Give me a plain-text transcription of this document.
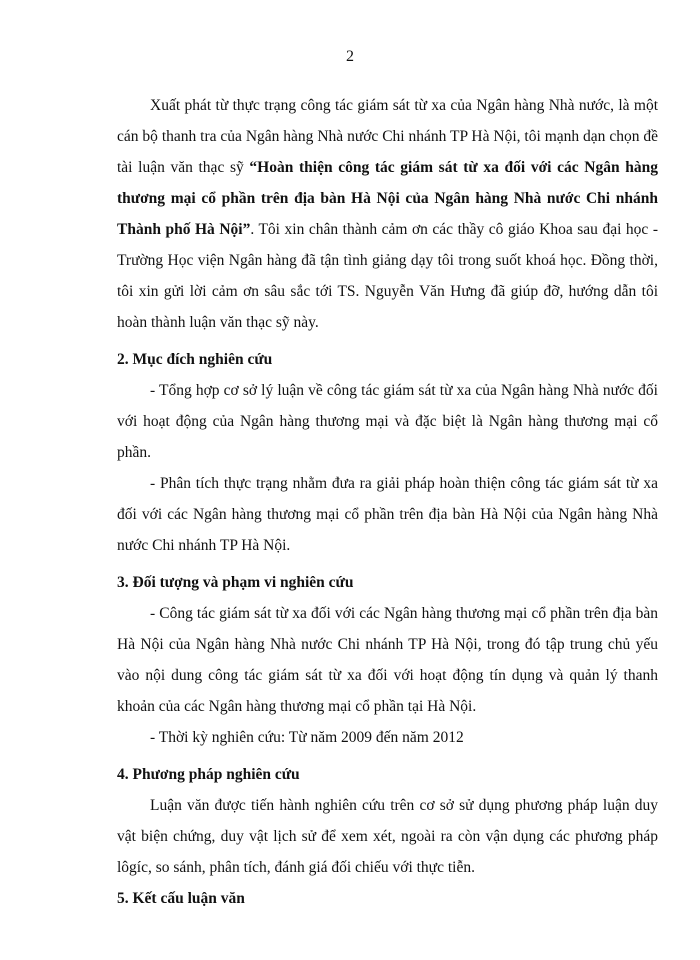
2

Xuất phát từ thực trạng công tác giám sát từ xa của Ngân hàng Nhà nước, là một cán bộ thanh tra của Ngân hàng Nhà nước Chi nhánh TP Hà Nội, tôi mạnh dạn chọn đề tài luận văn thạc sỹ “Hoàn thiện công tác giám sát từ xa đối với các Ngân hàng thương mại cổ phần trên địa bàn Hà Nội của Ngân hàng Nhà nước Chi nhánh Thành phố Hà Nội”. Tôi xin chân thành cảm ơn các thầy cô giáo Khoa sau đại học - Trường Học viện Ngân hàng đã tận tình giảng dạy tôi trong suốt khoá học. Đồng thời, tôi xin gửi lời cảm ơn sâu sắc tới TS. Nguyễn Văn Hưng đã giúp đỡ, hướng dẫn tôi hoàn thành luận văn thạc sỹ này.

2. Mục đích nghiên cứu

- Tổng hợp cơ sở lý luận về công tác giám sát từ xa của Ngân hàng Nhà nước đối với hoạt động của Ngân hàng thương mại và đặc biệt là Ngân hàng thương mại cổ phần.

- Phân tích thực trạng nhằm đưa ra giải pháp hoàn thiện công tác giám sát từ xa đối với các Ngân hàng thương mại cổ phần trên địa bàn Hà Nội của Ngân hàng Nhà nước Chi nhánh TP Hà Nội.

3. Đối tượng và phạm vi nghiên cứu

- Công tác giám sát từ xa đối với các Ngân hàng thương mại cổ phần trên địa bàn Hà Nội của Ngân hàng Nhà nước Chi nhánh TP Hà Nội, trong đó tập trung chủ yếu vào nội dung công tác giám sát từ xa đối với hoạt động tín dụng và quản lý thanh khoản của các Ngân hàng thương mại cổ phần tại Hà Nội.

- Thời kỳ nghiên cứu: Từ năm 2009 đến năm 2012

4. Phương pháp nghiên cứu

Luận văn được tiến hành nghiên cứu trên cơ sở sử dụng phương pháp luận duy vật biện chứng, duy vật lịch sử để xem xét, ngoài ra còn vận dụng các phương pháp lôgíc, so sánh, phân tích, đánh giá đối chiếu với thực tiễn.

5. Kết cấu luận văn
